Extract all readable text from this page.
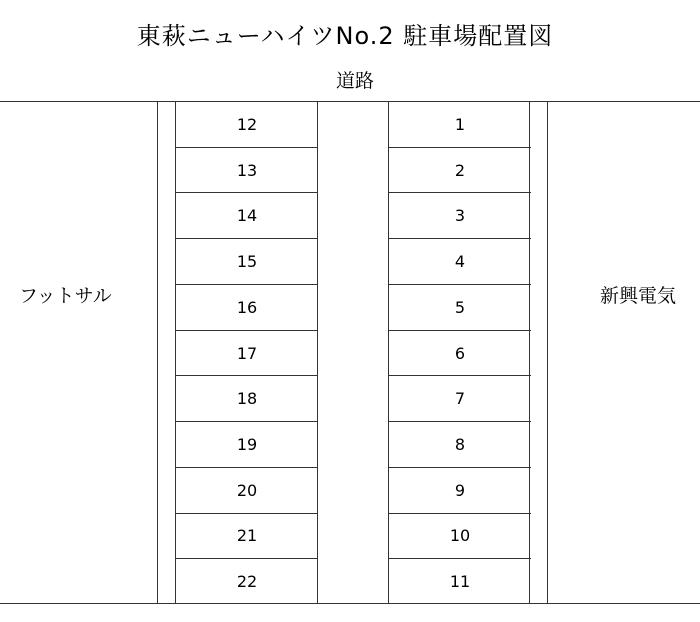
東萩ニューハイツNo.2 駐車場配置図
道路
フットサル	新興電気
12
13
14
15
16
17
18
19
20
21
22
1
2
3
4
5
6
7
8
9
10
11
